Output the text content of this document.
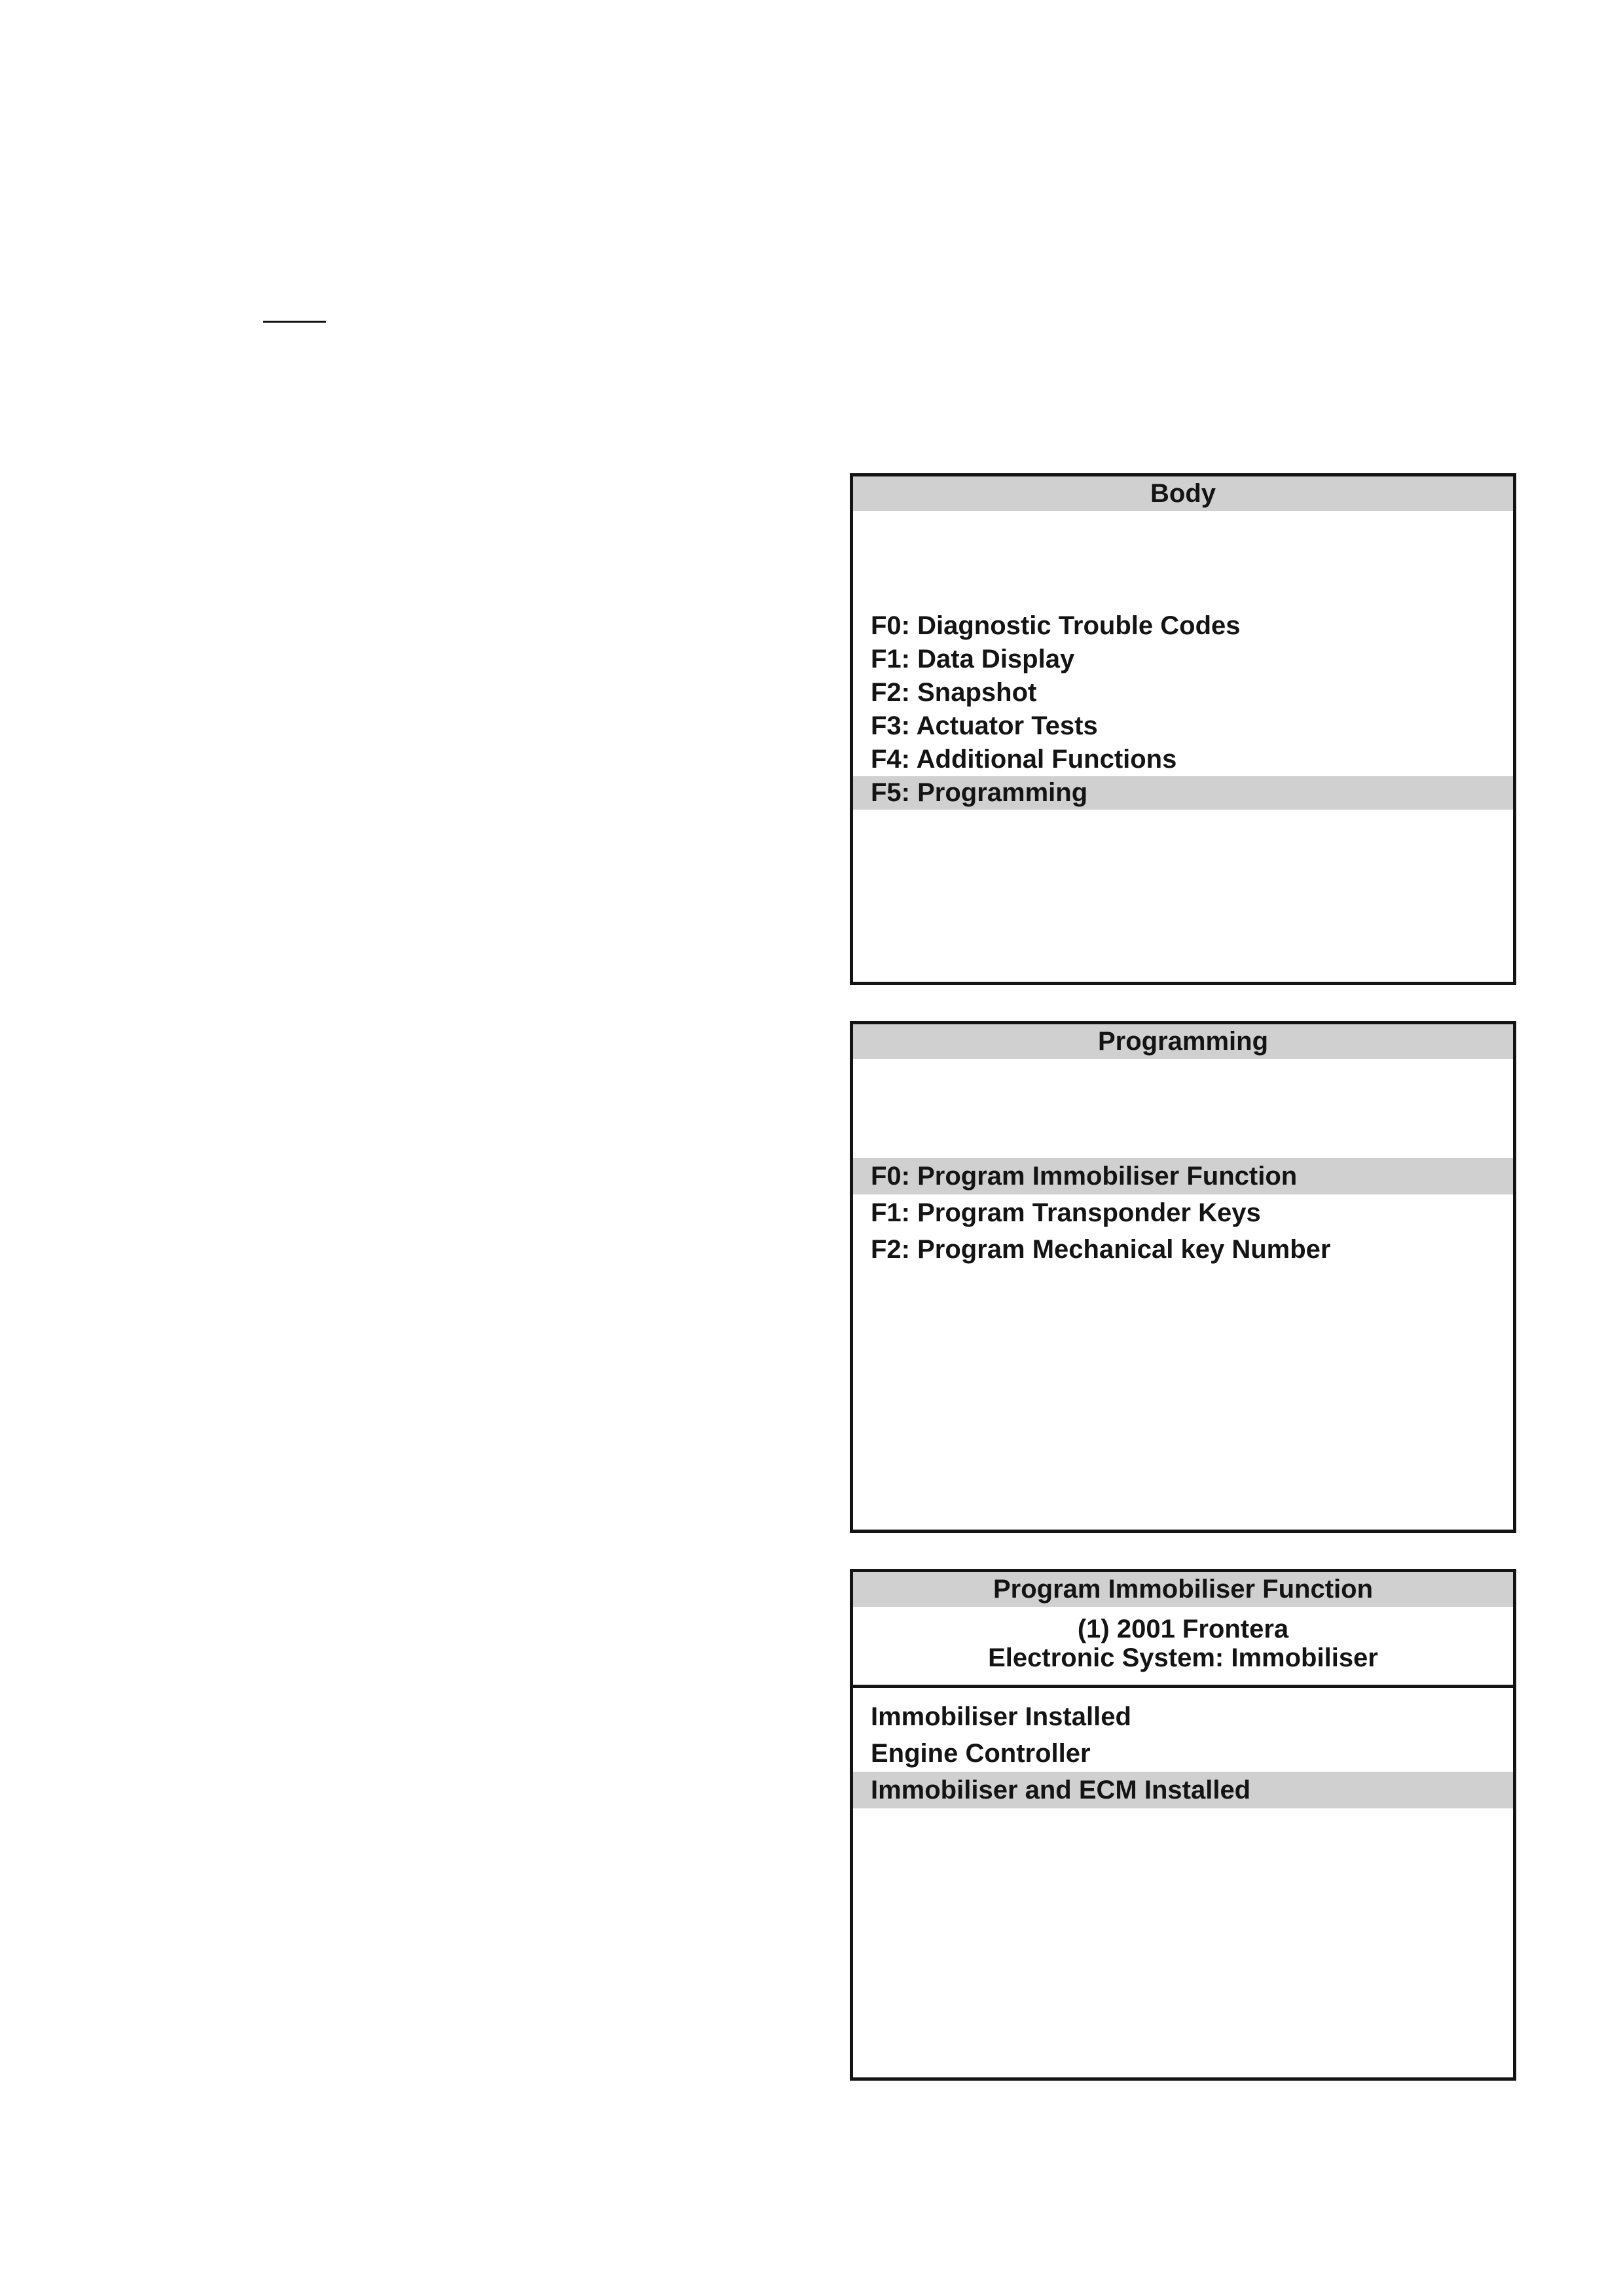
Body
F0: Diagnostic Trouble Codes
F1: Data Display
F2: Snapshot
F3: Actuator Tests
F4: Additional Functions
F5: Programming
Programming
F0: Program Immobiliser Function
F1: Program Transponder Keys
F2: Program Mechanical key Number
Program Immobiliser Function
(1) 2001 Frontera
Electronic System: Immobiliser
Immobiliser Installed
Engine Controller
Immobiliser and ECM Installed
